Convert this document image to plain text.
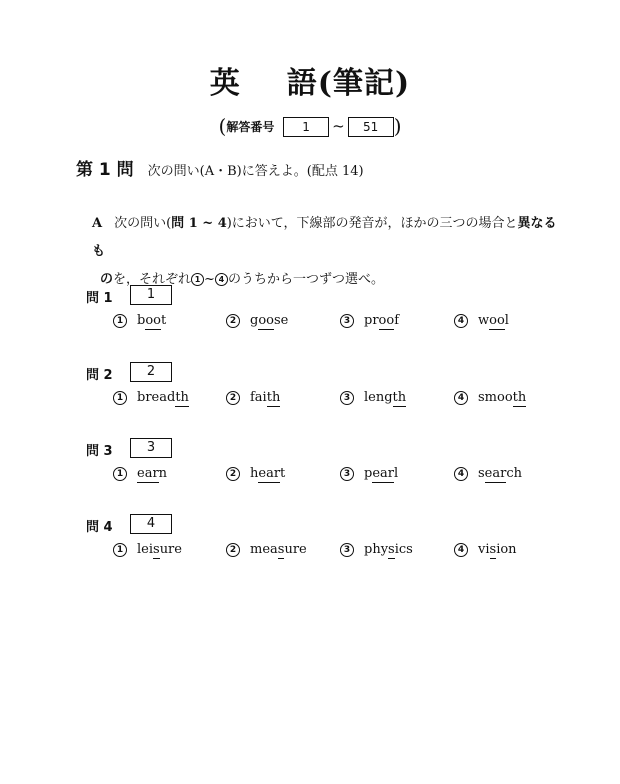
英 語(筆記)
(解答番号 1 ~ 51 )
第 1 問 次の問い(A・B)に答えよ。(配点 14)
A 次の問い(問 1 ~ 4)において，下線部の発音が，ほかの三つの場合と異なるも
のを，それぞれ 1 ~ 4 のうちから一つずつ選べ。
問 1	1
1 boot	2 goose	3 proof	4 wool
問 2	2
1 breadth	2 faith	3 length	4 smooth
問 3	3
1 earn	2 heart	3 pearl	4 search
問 4	4
1 leisure	2 measure	3 physics	4 vision
